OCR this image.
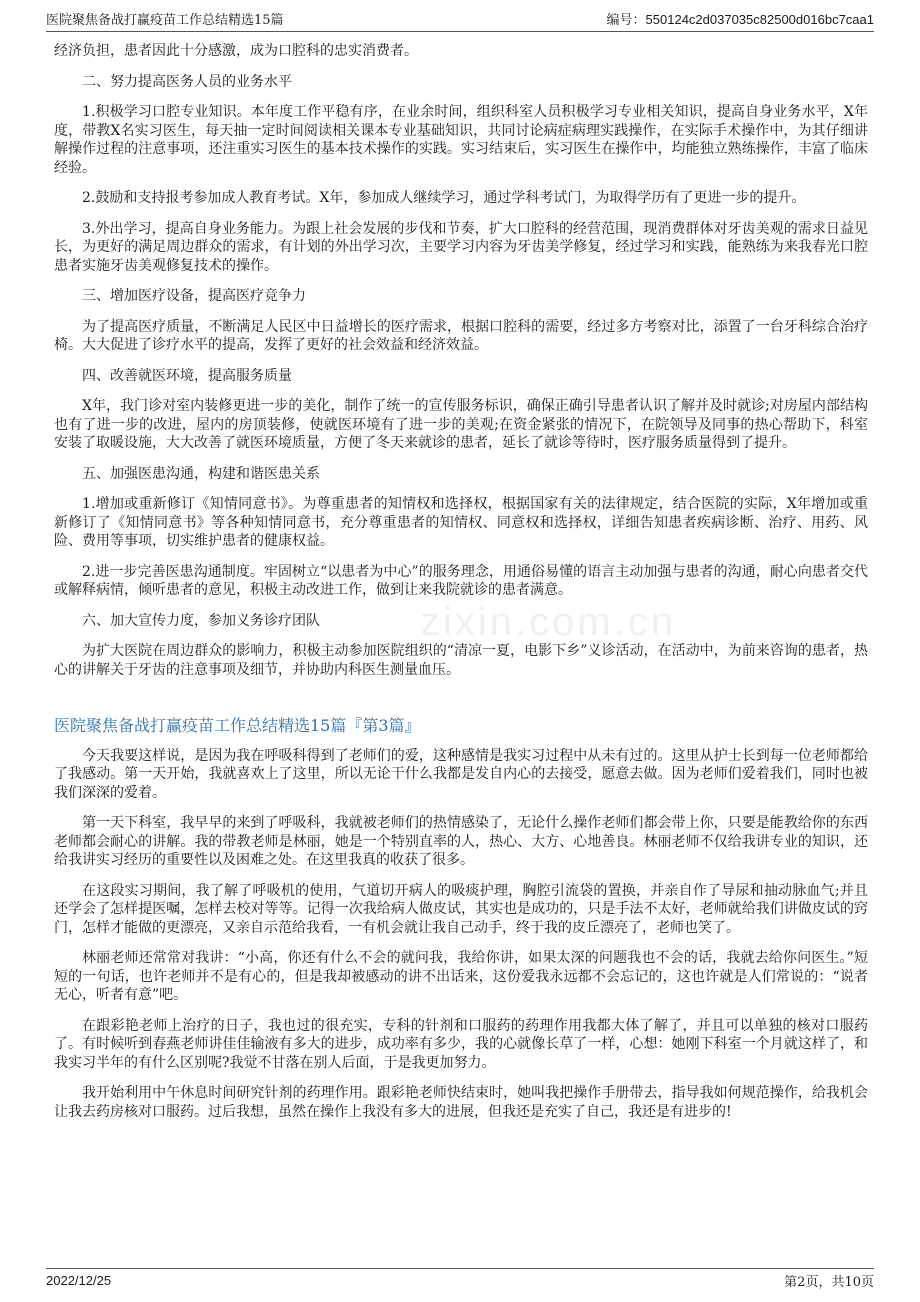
医院聚焦备战打赢疫苗工作总结精选15篇	编号：550124c2d037035c82500d016bc7caa1
zixin.com.cn

经济负担，患者因此十分感激，成为口腔科的忠实消费者。

二、努力提高医务人员的业务水平

1.积极学习口腔专业知识。本年度工作平稳有序，在业余时间，组织科室人员积极学习专业相关知识，提高自身业务水平，X年度，带教X名实习医生，每天抽一定时间阅读相关课本专业基础知识，共同讨论病症病理实践操作，在实际手术操作中，为其仔细讲解操作过程的注意事项，还注重实习医生的基本技术操作的实践。实习结束后，实习医生在操作中，均能独立熟练操作，丰富了临床经验。

2.鼓励和支持报考参加成人教育考试。X年，参加成人继续学习，通过学科考试门，为取得学历有了更进一步的提升。

3.外出学习，提高自身业务能力。为跟上社会发展的步伐和节奏，扩大口腔科的经营范围，现消费群体对牙齿美观的需求日益见长，为更好的满足周边群众的需求，有计划的外出学习次，主要学习内容为牙齿美学修复，经过学习和实践，能熟练为来我春光口腔患者实施牙齿美观修复技术的操作。

三、增加医疗设备，提高医疗竞争力

为了提高医疗质量，不断满足人民区中日益增长的医疗需求，根据口腔科的需要，经过多方考察对比，添置了一台牙科综合治疗椅。大大促进了诊疗水平的提高，发挥了更好的社会效益和经济效益。

四、改善就医环境，提高服务质量

X年，我门诊对室内装修更进一步的美化，制作了统一的宣传服务标识，确保正确引导患者认识了解并及时就诊;对房屋内部结构也有了进一步的改进，屋内的房顶装修，使就医环境有了进一步的美观;在资金紧张的情况下，在院领导及同事的热心帮助下，科室安装了取暖设施，大大改善了就医环境质量，方便了冬天来就诊的患者，延长了就诊等待时，医疗服务质量得到了提升。

五、加强医患沟通，构建和谐医患关系

1.增加或重新修订《知情同意书》。为尊重患者的知情权和选择权，根据国家有关的法律规定，结合医院的实际，X年增加或重新修订了《知情同意书》等各种知情同意书，充分尊重患者的知情权、同意权和选择权，详细告知患者疾病诊断、治疗、用药、风险、费用等事项，切实维护患者的健康权益。

2.进一步完善医患沟通制度。牢固树立“以患者为中心”的服务理念，用通俗易懂的语言主动加强与患者的沟通，耐心向患者交代或解释病情，倾听患者的意见，积极主动改进工作，做到让来我院就诊的患者满意。

六、加大宣传力度，参加义务诊疗团队

为扩大医院在周边群众的影响力，积极主动参加医院组织的“清凉一夏，电影下乡”义诊活动，在活动中，为前来咨询的患者，热心的讲解关于牙齿的注意事项及细节，并协助内科医生测量血压。

医院聚焦备战打赢疫苗工作总结精选15篇『第3篇』

今天我要这样说，是因为我在呼吸科得到了老师们的爱，这种感情是我实习过程中从未有过的。这里从护士长到每一位老师都给了我感动。第一天开始，我就喜欢上了这里，所以无论干什么我都是发自内心的去接受，愿意去做。因为老师们爱着我们，同时也被我们深深的爱着。

第一天下科室，我早早的来到了呼吸科，我就被老师们的热情感染了，无论什么操作老师们都会带上你，只要是能教给你的东西老师都会耐心的讲解。我的带教老师是林丽，她是一个特别直率的人，热心、大方、心地善良。林丽老师不仅给我讲专业的知识，还给我讲实习经历的重要性以及困难之处。在这里我真的收获了很多。

在这段实习期间，我了解了呼吸机的使用，气道切开病人的吸痰护理，胸腔引流袋的置换，并亲自作了导尿和抽动脉血气;并且还学会了怎样提医嘱，怎样去校对等等。记得一次我给病人做皮试，其实也是成功的，只是手法不太好，老师就给我们讲做皮试的窍门，怎样才能做的更漂亮，又亲自示范给我看，一有机会就让我自己动手，终于我的皮丘漂亮了，老师也笑了。

林丽老师还常常对我讲：“小高，你还有什么不会的就问我，我给你讲，如果太深的问题我也不会的话，我就去给你问医生。”短短的一句话，也许老师并不是有心的，但是我却被感动的讲不出话来，这份爱我永远都不会忘记的，这也许就是人们常说的：“说者无心，听者有意”吧。

在跟彩艳老师上治疗的日子，我也过的很充实，专科的针剂和口服药的药理作用我都大体了解了，并且可以单独的核对口服药了。有时候听到春燕老师讲佳佳输液有多大的进步，成功率有多少，我的心就像长草了一样，心想：她刚下科室一个月就这样了，和我实习半年的有什么区别呢?我觉不甘落在别人后面，于是我更加努力。

我开始利用中午休息时间研究针剂的药理作用。跟彩艳老师快结束时，她叫我把操作手册带去，指导我如何规范操作，给我机会让我去药房核对口服药。过后我想，虽然在操作上我没有多大的进展，但我还是充实了自己，我还是有进步的!

2022/12/25	第2页，共10页
